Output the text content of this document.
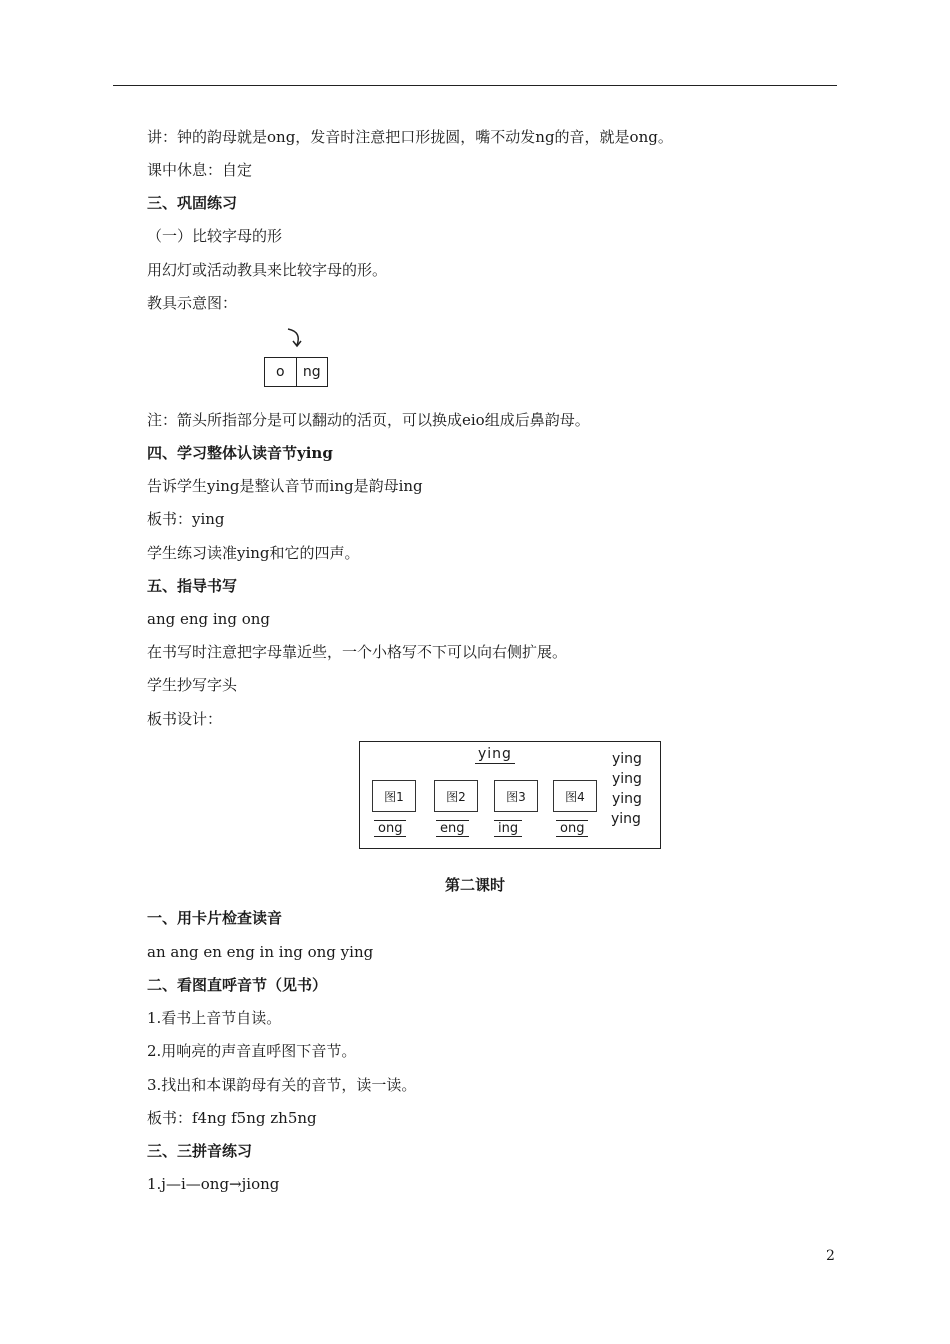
讲：钟的韵母就是ong，发音时注意把口形拢圆，嘴不动发ng的音，就是ong。
课中休息：自定
三、巩固练习
（一）比较字母的形
用幻灯或活动教具来比较字母的形。
教具示意图：
o	ng
注：箭头所指部分是可以翻动的活页，可以换成eio组成后鼻韵母。
四、学习整体认读音节ying
告诉学生ying是整认音节而ing是韵母ing
板书：ying
学生练习读准ying和它的四声。
五、指导书写
ang eng ing ong
在书写时注意把字母靠近些，一个小格写不下可以向右侧扩展。
学生抄写字头
板书设计：
ying
图1	图2	图3	图4
ong	eng	ing	ong
ying
ying
ying
ying
第二课时
一、用卡片检查读音
an ang en eng in ing ong ying
二、看图直呼音节（见书）
1.看书上音节自读。
2.用响亮的声音直呼图下音节。
3.找出和本课韵母有关的音节，读一读。
板书：f4ng f5ng zh5ng
三、三拼音练习
1.j—i—ong→jiong
2
